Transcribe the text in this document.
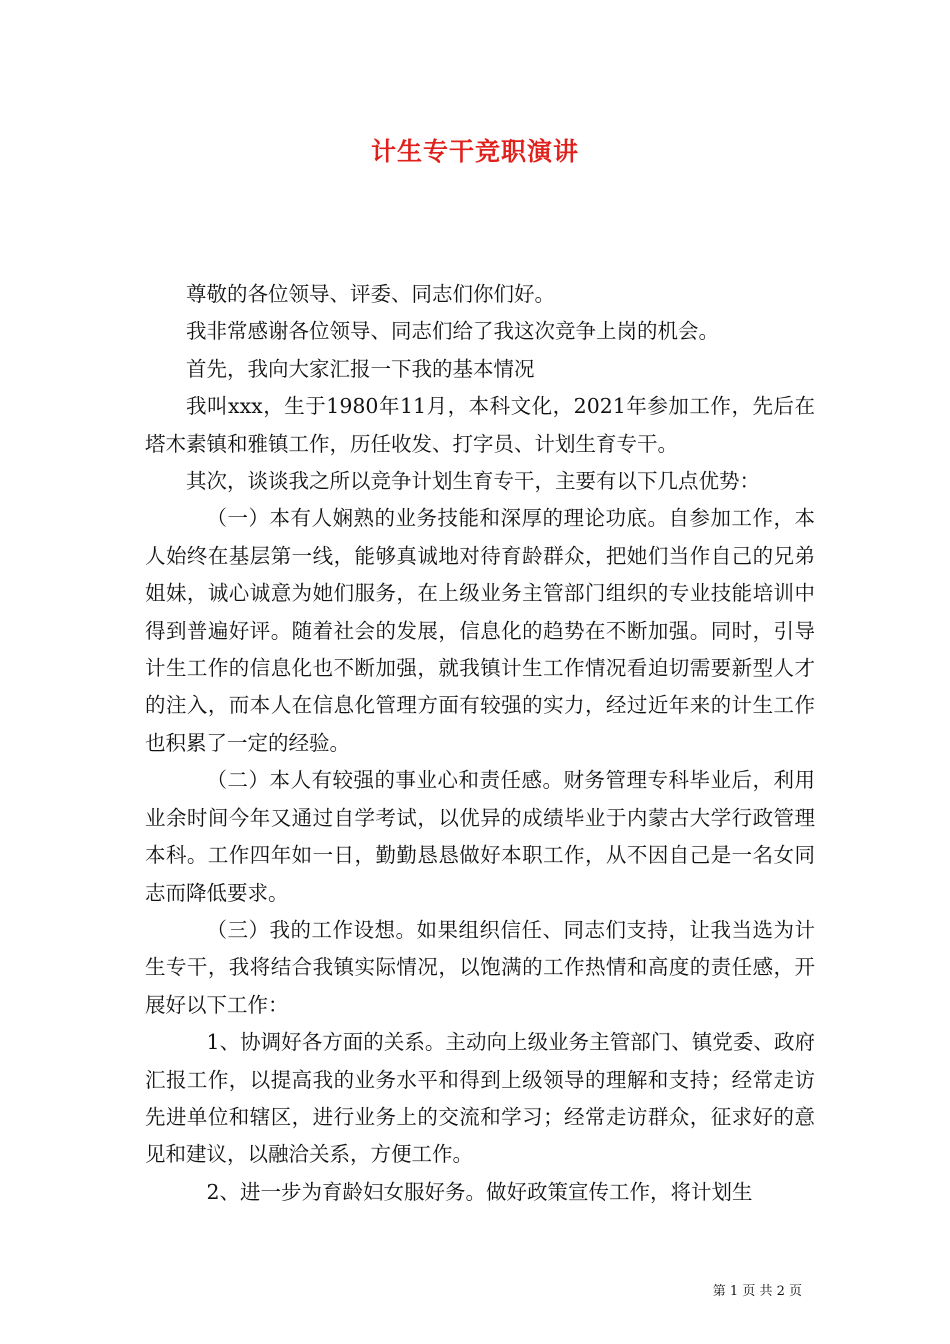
计生专干竞职演讲

尊敬的各位领导、评委、同志们你们好。

我非常感谢各位领导、同志们给了我这次竞争上岗的机会。

首先，我向大家汇报一下我的基本情况

我叫xxx，生于1980年11月，本科文化，2021年参加工作，先后在塔木素镇和雅镇工作，历任收发、打字员、计划生育专干。

其次，谈谈我之所以竞争计划生育专干，主要有以下几点优势：

（一）本有人娴熟的业务技能和深厚的理论功底。自参加工作，本人始终在基层第一线，能够真诚地对待育龄群众，把她们当作自己的兄弟姐妹，诚心诚意为她们服务，在上级业务主管部门组织的专业技能培训中得到普遍好评。随着社会的发展，信息化的趋势在不断加强。同时，引导计生工作的信息化也不断加强，就我镇计生工作情况看迫切需要新型人才的注入，而本人在信息化管理方面有较强的实力，经过近年来的计生工作也积累了一定的经验。

（二）本人有较强的事业心和责任感。财务管理专科毕业后，利用业余时间今年又通过自学考试，以优异的成绩毕业于内蒙古大学行政管理本科。工作四年如一日，勤勤恳恳做好本职工作，从不因自己是一名女同志而降低要求。

（三）我的工作设想。如果组织信任、同志们支持，让我当选为计生专干，我将结合我镇实际情况，以饱满的工作热情和高度的责任感，开展好以下工作：

1、协调好各方面的关系。主动向上级业务主管部门、镇党委、政府汇报工作，以提高我的业务水平和得到上级领导的理解和支持；经常走访先进单位和辖区，进行业务上的交流和学习；经常走访群众，征求好的意见和建议，以融洽关系，方便工作。

2、进一步为育龄妇女服好务。做好政策宣传工作，将计划生

第 1 页 共 2 页
